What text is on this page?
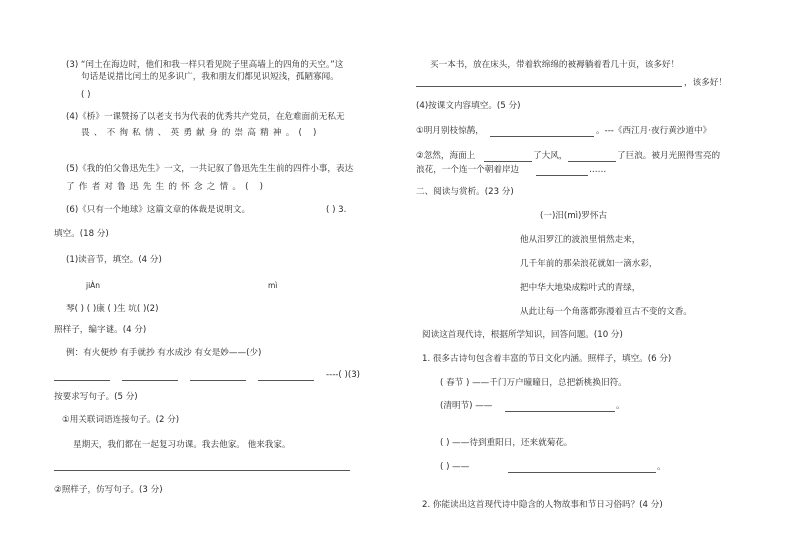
(3) “闰土在海边时，他们和我一样只看见院子里高墙上的四角的天空。”这
句话是说措比闰土的见多识广，我和朋友们都见识短浅，孤陋寡闻。
( )
(4)《桥》一课赞扬了以老支书为代表的优秀共产党员，在危难面前无私无
畏、不徇私情、英勇献身的崇高精神。( )
(5)《我的伯父鲁迅先生》一文，一共记叙了鲁迅先生生前的四件小事，表达
了作者对鲁迅先生的怀念之情。( )
(6)《只有一个地球》这篇文章的体裁是说明文。	( ) 3.
填空。(18 分)
(1)读音节，填空。(4 分)
jiÀn	mì
琴( ) ( )康 ( )生 坑( )(2)
照样子，编字谜。(4 分)
例：有火便炒 有手就抄 有水成沙 有女是妙——(少)
----( )(3)
按要求写句子。(5 分)
①用关联词语连接句子。(2 分)
星期天，我们都在一起复习功课。我去他家。 他来我家。
②照样子，仿写句子。(3 分)
买一本书，放在床头，带着软绵绵的被褥躺着看几十页，该多好！
，该多好！
(4)按课文内容填空。(5 分)
①明月别枝惊鹊，	。---《西江月·夜行黄沙道中》
②忽然，海面上	了大风，	了巨浪。被月光照得雪亮的
浪花，一个连一个朝着岸边	……
二、阅读与赏析。(23 分)
(一)汨(mì)罗怀古
他从汨罗江的波浪里悄然走来，
几千年前的那朵浪花就如一滴水彩，
把中华大地染成粽叶式的青绿，
从此让每一个角落都弥漫着亘古不变的文香。
阅读这首现代诗，根据所学知识，回答问题。(10 分)
1. 很多古诗句包含着丰富的节日文化内涵。照样子，填空。(6 分)
( 春节 ) ——千门万户曈曈日，总把新桃换旧符。
(清明节) ——	。
( ) ——待到重阳日，还来就菊花。
( ) ——	。
2. 你能读出这首现代诗中隐含的人物故事和节日习俗吗？(4 分)
